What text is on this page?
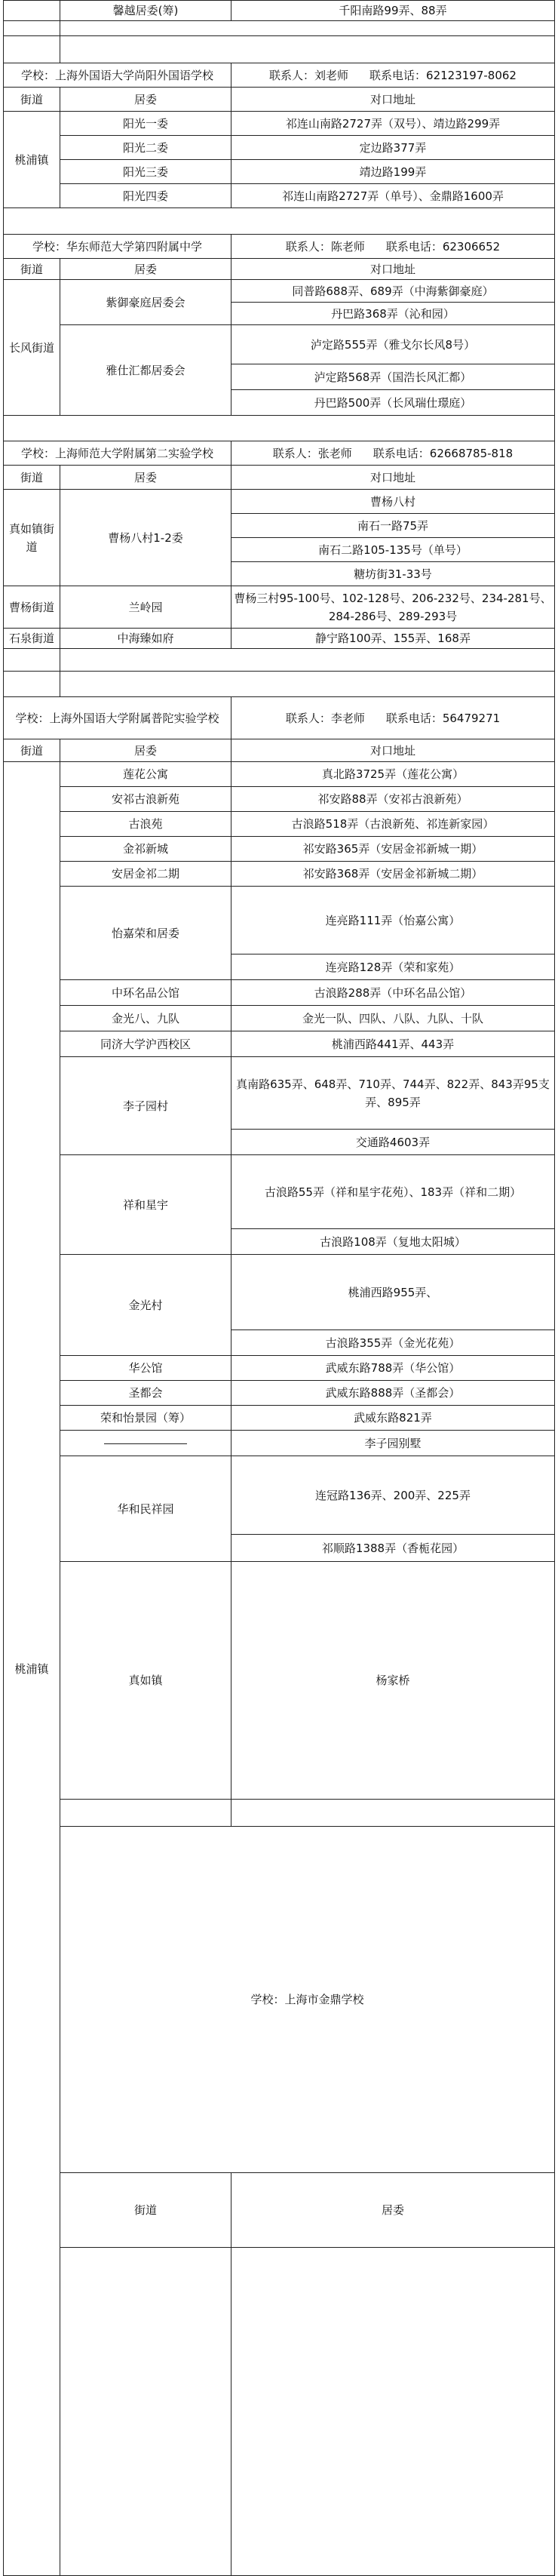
	馨越居委(筹)	千阳南路99弄、88弄	

学校：上海外国语大学尚阳外国语学校		联系人：刘老师 联系电话：62123197-8062	
街道	居委	对口地址	
桃浦镇	阳光一委	祁连山南路2727弄（双号）、靖边路299弄	
	阳光二委	定边路377弄	
	阳光三委	靖边路199弄	
	阳光四委	祁连山南路2727弄（单号）、金鼎路1600弄	

学校：华东师范大学第四附属中学		联系人：陈老师 联系电话：62306652	
街道	居委	对口地址	
长风街道	紫御豪庭居委会	同普路688弄、689弄（中海紫御豪庭）	
		丹巴路368弄（沁和园）	
	雅仕汇都居委会	泸定路555弄（雅戈尔长风8号）	
		泸定路568弄（国浩长风汇都）	
		丹巴路500弄（长风瑞仕璟庭）	

学校：上海师范大学附属第二实验学校		联系人：张老师 联系电话：62668785-818	
街道	居委	对口地址	
真如镇街道	曹杨八村1-2委	曹杨八村	
		南石一路75弄	
		南石二路105-135号（单号）	
		糖坊街31-33号	
曹杨街道	兰岭园	曹杨三村95-100号、102-128号、206-232号、234-281号、284-286号、289-293号	
石泉街道	中海臻如府	静宁路100弄、155弄、168弄	

学校：上海外国语大学附属普陀实验学校		联系人：李老师 联系电话：56479271	
街道	居委	对口地址	
桃浦镇	莲花公寓	真北路3725弄（莲花公寓）	
	安祁古浪新苑	祁安路88弄（安祁古浪新苑）	
	古浪苑	古浪路518弄（古浪新苑、祁连新家园）	
	金祁新城	祁安路365弄（安居金祁新城一期）	
	安居金祁二期	祁安路368弄（安居金祁新城二期）	
	怡嘉荣和居委	连亮路111弄（怡嘉公寓）	
		连亮路128弄（荣和家苑）	
	中环名品公馆	古浪路288弄（中环名品公馆）	
	金光八、九队	金光一队、四队、八队、九队、十队	
	同济大学沪西校区	桃浦西路441弄、443弄	
	李子园村	真南路635弄、648弄、710弄、744弄、822弄、843弄95支弄、895弄	
		交通路4603弄	
	祥和星宇	古浪路55弄（祥和星宇花苑）、183弄（祥和二期）	
		古浪路108弄（复地太阳城）	
	金光村	桃浦西路955弄、	
		古浪路355弄（金光花苑）	
	华公馆	武威东路788弄（华公馆）	
	圣都会	武威东路888弄（圣都会）	
	荣和怡景园（筹）	武威东路821弄	
		李子园别墅	
	华和民祥园	连冠路136弄、200弄、225弄	
		祁顺路1388弄（香栀花园）	
	真如镇	杨家桥	

	学校：上海市金鼎学校	
	街道	居委	
